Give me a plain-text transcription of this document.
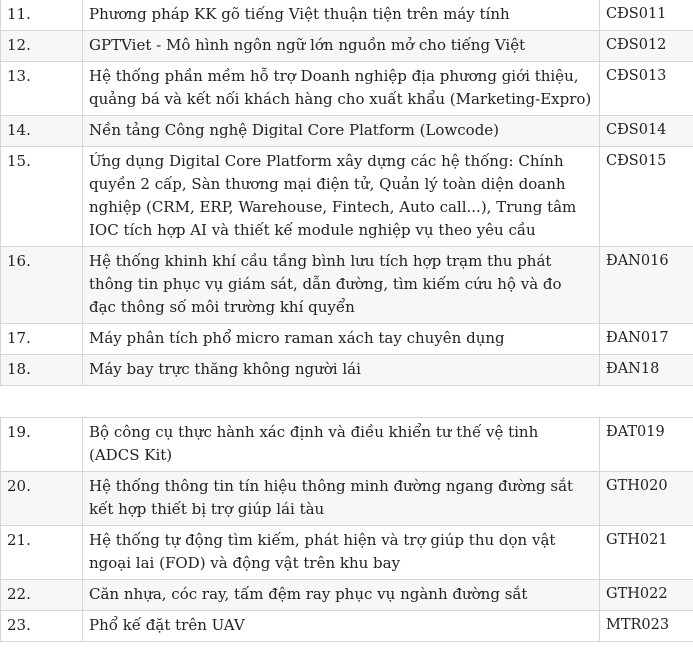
11.	Phương pháp KK gõ tiếng Việt thuận tiện trên máy tính	CĐS011
12.	GPTViet - Mô hình ngôn ngữ lớn nguồn mở cho tiếng Việt	CĐS012
13.	Hệ thống phần mềm hỗ trợ Doanh nghiệp địa phương giới thiệu, quảng bá và kết nối khách hàng cho xuất khẩu (Marketing-Expro)	CĐS013
14.	Nền tảng Công nghệ Digital Core Platform (Lowcode)	CĐS014
15.	Ứng dụng Digital Core Platform xây dựng các hệ thống: Chính quyền 2 cấp, Sàn thương mại điện tử, Quản lý toàn diện doanh nghiệp (CRM, ERP, Warehouse, Fintech, Auto call...), Trung tâm IOC tích hợp AI và thiết kế module nghiệp vụ theo yêu cầu	CĐS015
16.	Hệ thống khinh khí cầu tầng bình lưu tích hợp trạm thu phát thông tin phục vụ giám sát, dẫn đường, tìm kiếm cứu hộ và đo đạc thông số môi trường khí quyển	ĐAN016
17.	Máy phân tích phổ micro raman xách tay chuyên dụng	ĐAN017
18.	Máy bay trực thăng không người lái	ĐAN18
19.	Bộ công cụ thực hành xác định và điều khiển tư thế vệ tinh (ADCS Kit)	ĐAT019
20.	Hệ thống thông tin tín hiệu thông minh đường ngang đường sắt kết hợp thiết bị trợ giúp lái tàu	GTH020
21.	Hệ thống tự động tìm kiếm, phát hiện và trợ giúp thu dọn vật ngoại lai (FOD) và động vật trên khu bay	GTH021
22.	Căn nhựa, cóc ray, tấm đệm ray phục vụ ngành đường sắt	GTH022
23.	Phổ kế đặt trên UAV	MTR023
